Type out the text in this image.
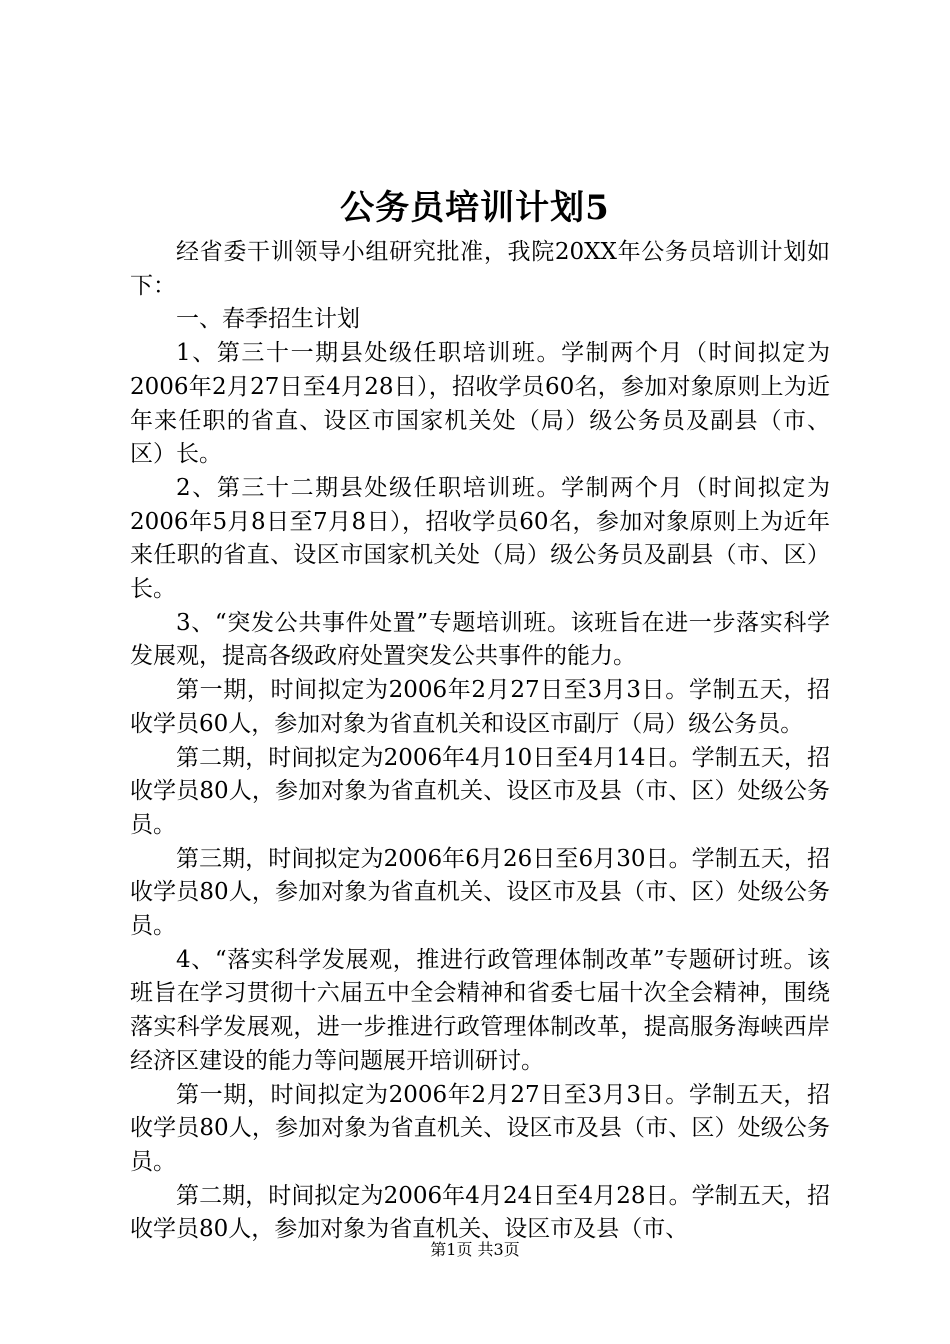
公务员培训计划5

经省委干训领导小组研究批准，我院20XX年公务员培训计划如下：

一、春季招生计划

1、第三十一期县处级任职培训班。学制两个月（时间拟定为2006年2月27日至4月28日），招收学员60名，参加对象原则上为近年来任职的省直、设区市国家机关处（局）级公务员及副县（市、区）长。

2、第三十二期县处级任职培训班。学制两个月（时间拟定为2006年5月8日至7月8日），招收学员60名，参加对象原则上为近年来任职的省直、设区市国家机关处（局）级公务员及副县（市、区）长。

3、“突发公共事件处置”专题培训班。该班旨在进一步落实科学发展观，提高各级政府处置突发公共事件的能力。

第一期，时间拟定为2006年2月27日至3月3日。学制五天，招收学员60人，参加对象为省直机关和设区市副厅（局）级公务员。

第二期，时间拟定为2006年4月10日至4月14日。学制五天，招收学员80人，参加对象为省直机关、设区市及县（市、区）处级公务员。

第三期，时间拟定为2006年6月26日至6月30日。学制五天，招收学员80人，参加对象为省直机关、设区市及县（市、区）处级公务员。

4、“落实科学发展观，推进行政管理体制改革”专题研讨班。该班旨在学习贯彻十六届五中全会精神和省委七届十次全会精神，围绕落实科学发展观，进一步推进行政管理体制改革，提高服务海峡西岸经济区建设的能力等问题展开培训研讨。

第一期，时间拟定为2006年2月27日至3月3日。学制五天，招收学员80人，参加对象为省直机关、设区市及县（市、区）处级公务员。

第二期，时间拟定为2006年4月24日至4月28日。学制五天，招收学员80人，参加对象为省直机关、设区市及县（市、

第1页 共3页
